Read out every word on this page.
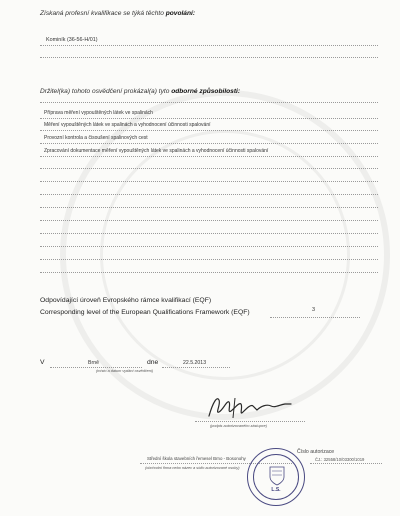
Získaná profesní kvalifikace se týká těchto povolání:
Kominík (36-56-H/01)
Držitel(ka) tohoto osvědčení prokázal(a) tyto odborné způsobilosti:
Příprava měření vypouštěných látek ve spalinách
Měření vypouštěných látek ve spalinách a vyhodnocení účinnosti spalování
Provozní kontrola a čisoušení spalinových cest
Zpracování dokumentace měření vypouštěných látek ve spalinách a vyhodnocení účinnosti spalování
Odpovídající úroveň Evropského rámce kvalifikací (EQF)
Corresponding level of the European Qualifications Framework (EQF)	3
V	Brně	dne	22.5.2013
(místo a datum vydání osvědčení)
(podpis autorizovaného zástupce)
Střední škola stavebních řemesel Brno - Bosonohy
(obchodní firma nebo název a sídlo autorizované osoby)
Číslo autorizace
ČJ.: 32558/10/03300/1019
L.S.
